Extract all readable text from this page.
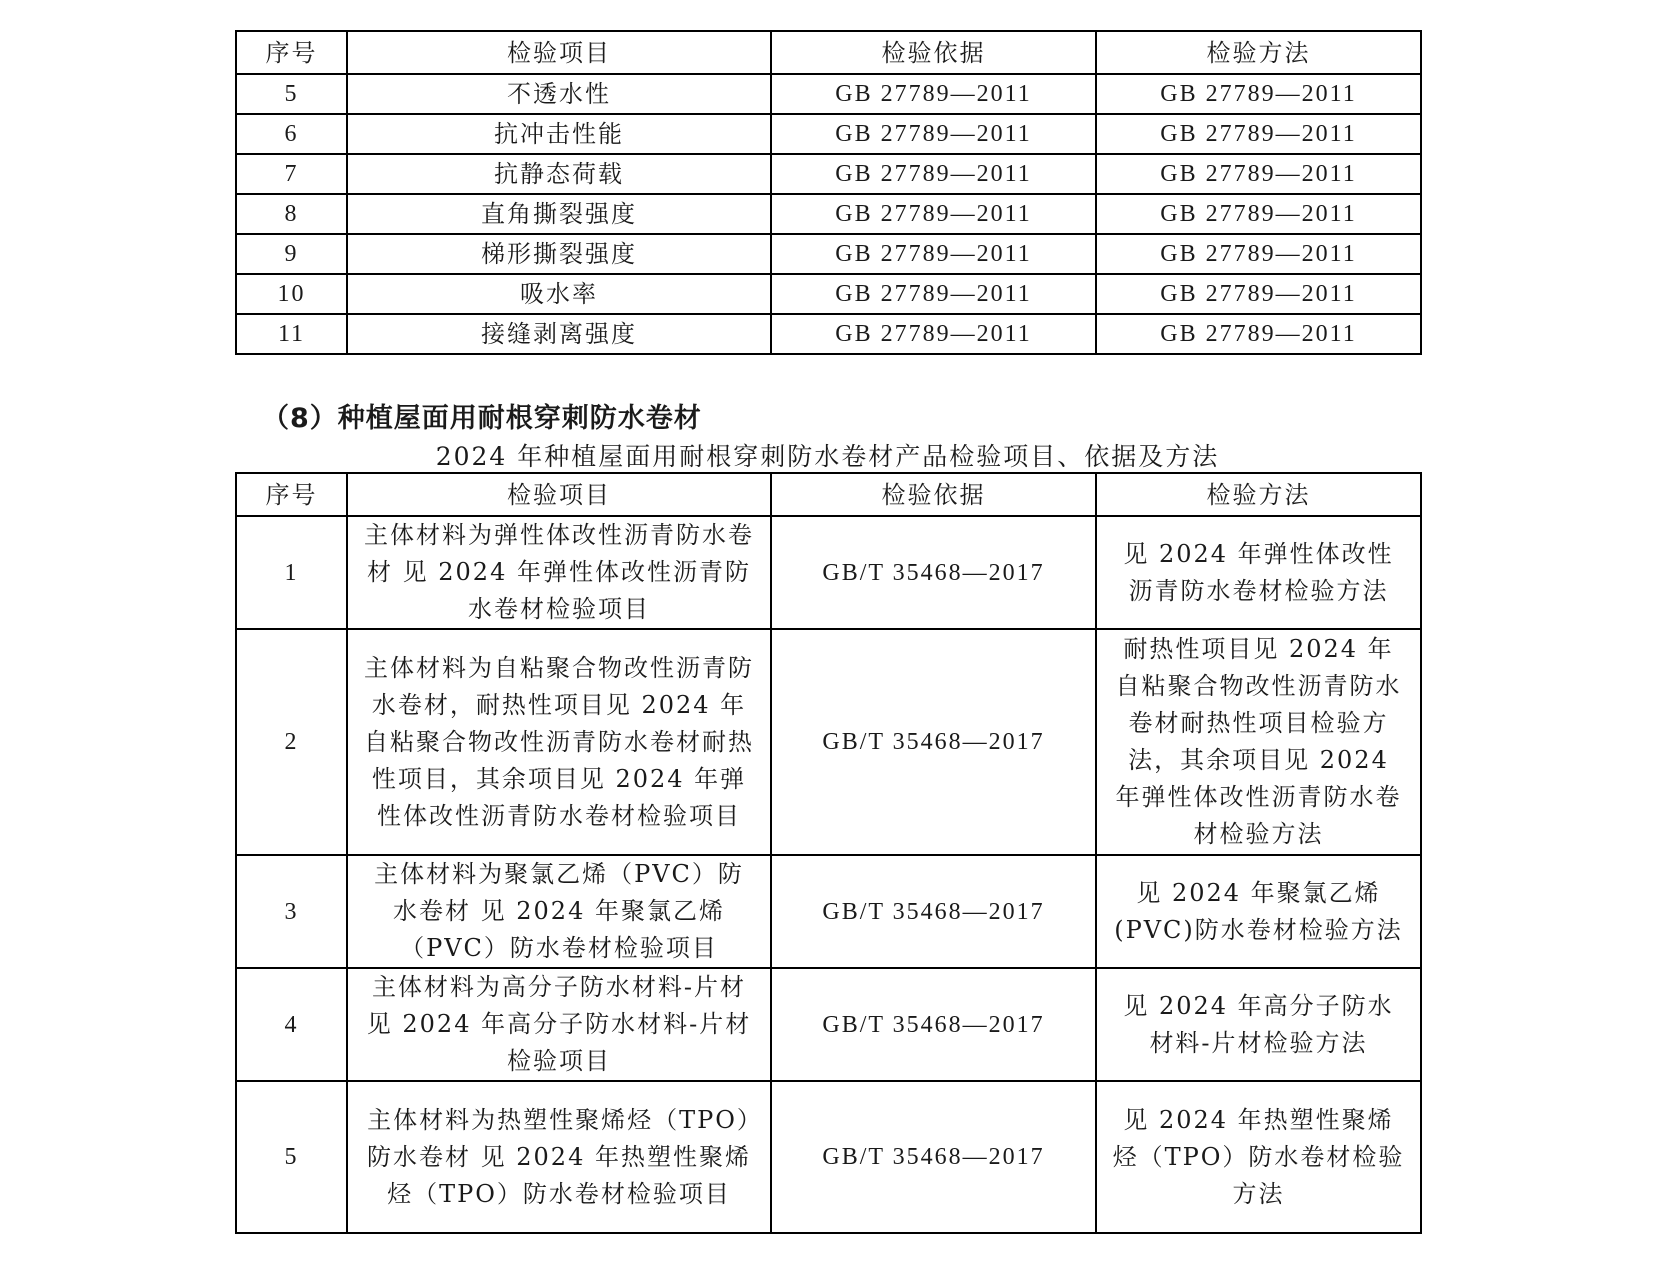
序号	检验项目	检验依据	检验方法
5	不透水性	GB 27789—2011	GB 27789—2011
6	抗冲击性能	GB 27789—2011	GB 27789—2011
7	抗静态荷载	GB 27789—2011	GB 27789—2011
8	直角撕裂强度	GB 27789—2011	GB 27789—2011
9	梯形撕裂强度	GB 27789—2011	GB 27789—2011
10	吸水率	GB 27789—2011	GB 27789—2011
11	接缝剥离强度	GB 27789—2011	GB 27789—2011
（8）种植屋面用耐根穿刺防水卷材
2024 年种植屋面用耐根穿刺防水卷材产品检验项目、依据及方法
序号	检验项目	检验依据	检验方法
1	主体材料为弹性体改性沥青防水卷材 见 2024 年弹性体改性沥青防水卷材检验项目	GB/T 35468—2017	见 2024 年弹性体改性沥青防水卷材检验方法
2	主体材料为自粘聚合物改性沥青防水卷材，耐热性项目见 2024 年自粘聚合物改性沥青防水卷材耐热性项目，其余项目见 2024 年弹性体改性沥青防水卷材检验项目	GB/T 35468—2017	耐热性项目见 2024 年自粘聚合物改性沥青防水卷材耐热性项目检验方法，其余项目见 2024 年弹性体改性沥青防水卷材检验方法
3	主体材料为聚氯乙烯（PVC）防水卷材 见 2024 年聚氯乙烯（PVC）防水卷材检验项目	GB/T 35468—2017	见 2024 年聚氯乙烯(PVC)防水卷材检验方法
4	主体材料为高分子防水材料-片材 见 2024 年高分子防水材料-片材检验项目	GB/T 35468—2017	见 2024 年高分子防水材料-片材检验方法
5	主体材料为热塑性聚烯烃（TPO）防水卷材 见 2024 年热塑性聚烯烃（TPO）防水卷材检验项目	GB/T 35468—2017	见 2024 年热塑性聚烯烃（TPO）防水卷材检验方法
